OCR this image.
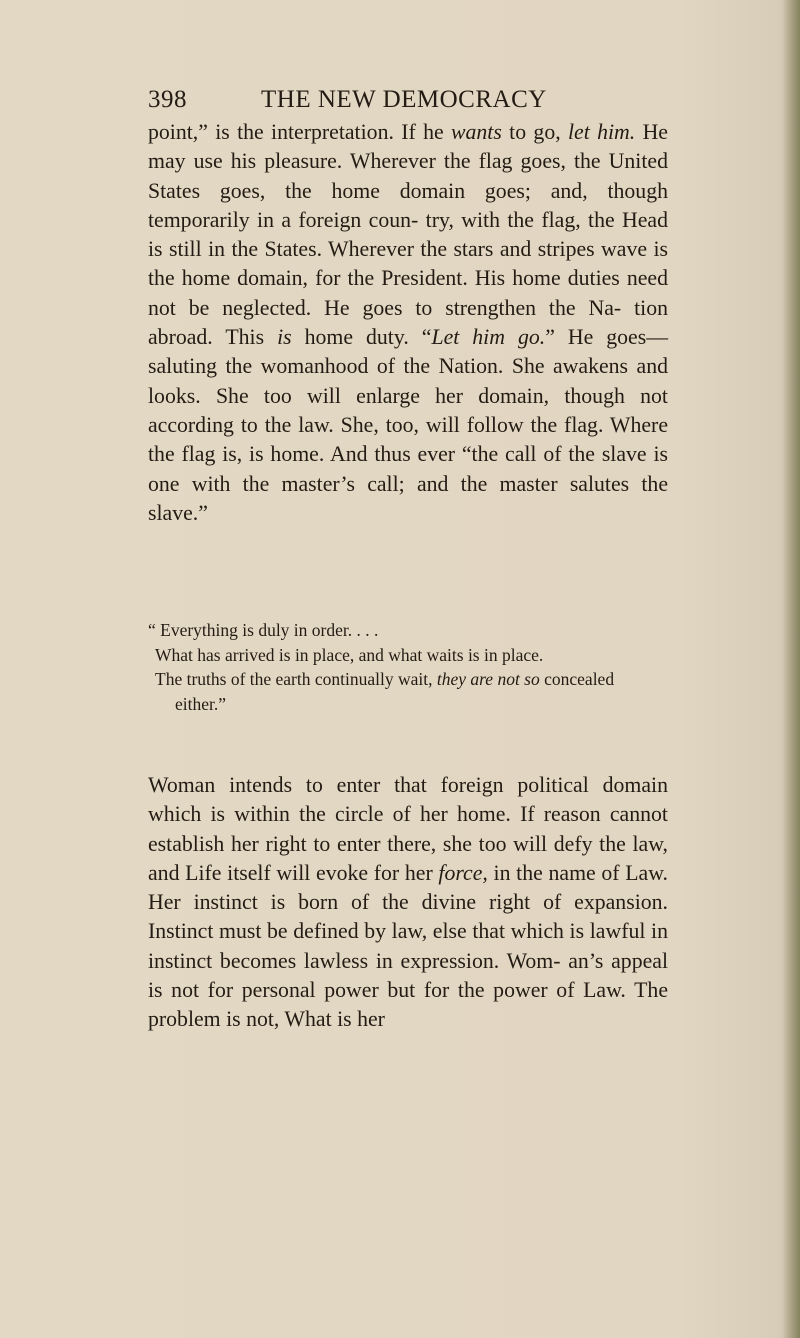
398	THE NEW DEMOCRACY

point,” is the interpretation. If he wants to go, let him. He may use his pleasure. Wherever the flag goes, the United States goes, the home domain goes; and, though temporarily in a foreign coun- try, with the flag, the Head is still in the States. Wherever the stars and stripes wave is the home domain, for the President. His home duties need not be neglected. He goes to strengthen the Na- tion abroad. This is home duty. “Let him go.” He goes—saluting the womanhood of the Nation. She awakens and looks. She too will enlarge her domain, though not according to the law. She, too, will follow the flag. Where the flag is, is home. And thus ever “the call of the slave is one with the master’s call; and the master salutes the slave.”

“ Everything is duly in order. . . .
What has arrived is in place, and what waits is in place.
The truths of the earth continually wait, they are not so concealed either.”

Woman intends to enter that foreign political domain which is within the circle of her home. If reason cannot establish her right to enter there, she too will defy the law, and Life itself will evoke for her force, in the name of Law. Her instinct is born of the divine right of expansion. Instinct must be defined by law, else that which is lawful in instinct becomes lawless in expression. Wom- an’s appeal is not for personal power but for the power of Law. The problem is not, What is her
